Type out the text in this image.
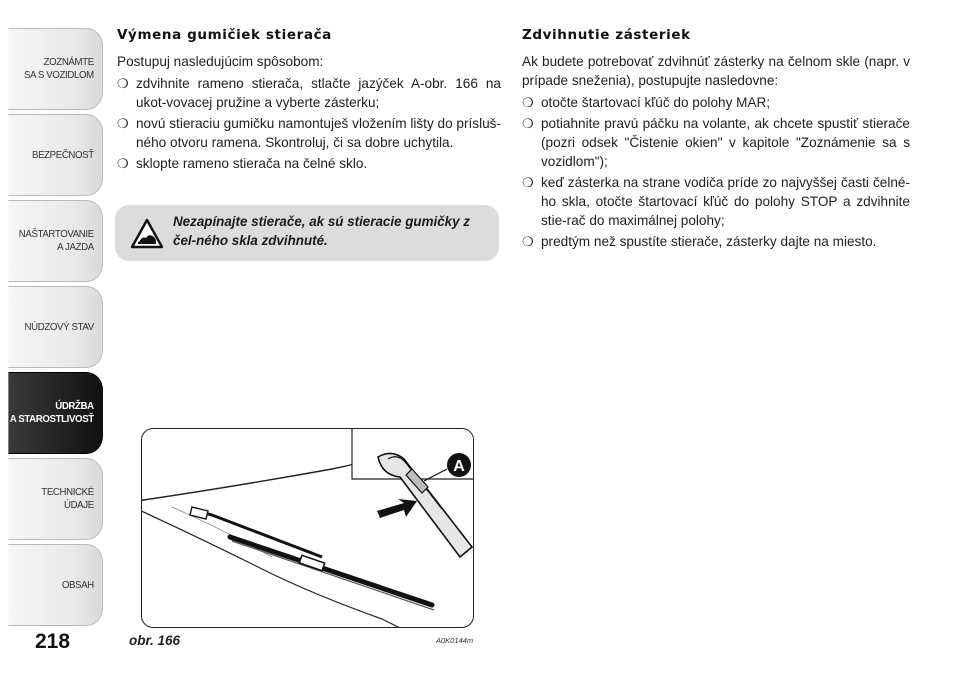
ZOZNÁMTE
SA S VOZIDLOM
BEZPEČNOSŤ
NAŠTARTOVANIE
A JAZDA
NÚDZOVÝ STAV
ÚDRŽBA
A STAROSTLIVOSŤ
TECHNICKÉ
ÚDAJE
OBSAH
218
Výmena gumičiek stierača

Postupuj nasledujúcim spôsobom:

❍ zdvihnite rameno stierača, stlačte jazýček A-obr. 166 na ukot-vovacej pružine a vyberte zásterku;
❍ novú stieraciu gumičku namontuješ vložením lišty do prísluš-ného otvoru ramena. Skontroluj, či sa dobre uchytila.
❍ sklopte rameno stierača na čelné sklo.
Nezapínajte stierače, ak sú stieracie gumičky z čel-ného skla zdvihnuté.
Zdvihnutie zásteriek

Ak budete potrebovať zdvihnúť zásterky na čelnom skle (napr. v prípade sneženia), postupujte nasledovne:

❍ otočte štartovací kľúč do polohy MAR;
❍ potiahnite pravú páčku na volante, ak chcete spustiť stierače (pozri odsek "Čistenie okien" v kapitole "Zoznámenie sa s vozidlom");
❍ keď zásterka na strane vodiča príde zo najvyššej časti čelné-ho skla, otočte štartovací kľúč do polohy STOP a zdvihnite stie-rač do maximálnej polohy;
❍ predtým než spustíte stierače, zásterky dajte na miesto.
A
obr. 166	A0K0144m
